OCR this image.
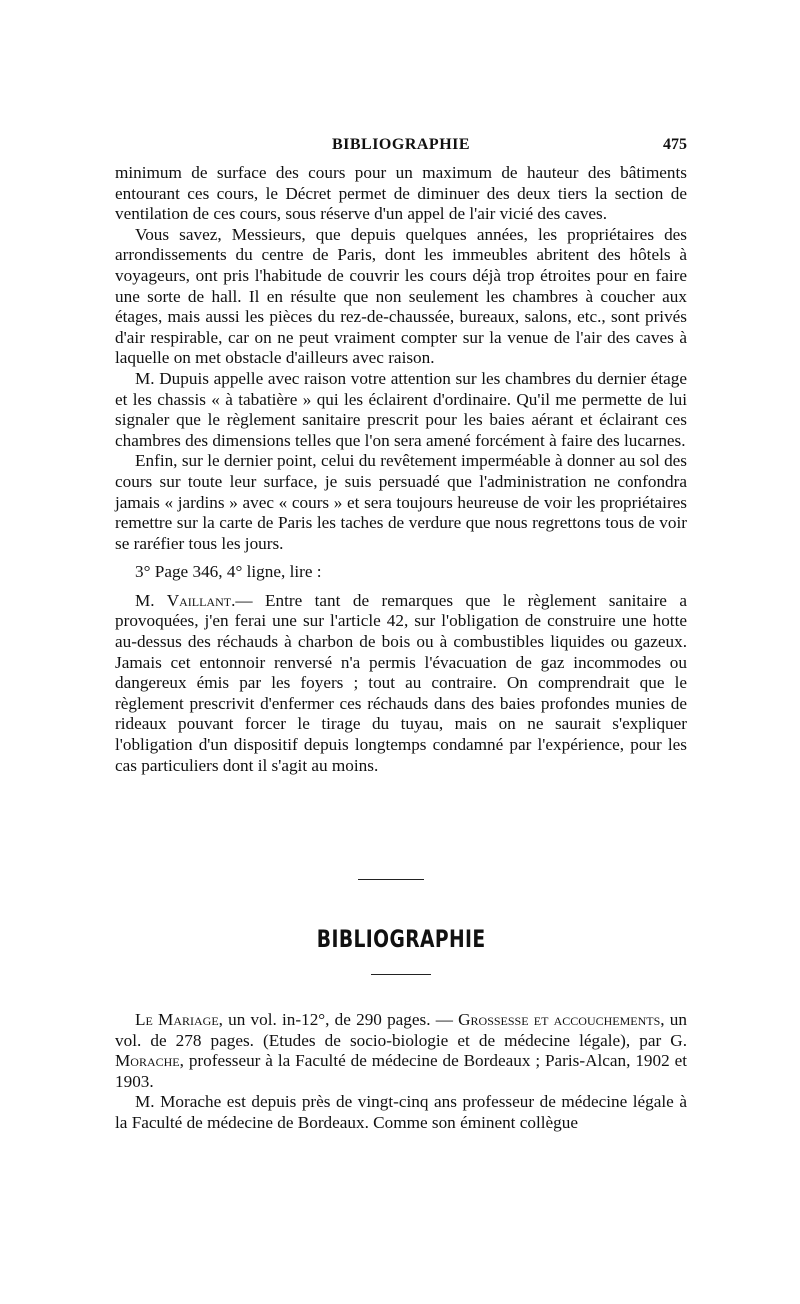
BIBLIOGRAPHIE	475

minimum de surface des cours pour un maximum de hauteur des bâtiments entourant ces cours, le Décret permet de diminuer des deux tiers la section de ventilation de ces cours, sous réserve d'un appel de l'air vicié des caves.

Vous savez, Messieurs, que depuis quelques années, les propriétaires des arrondissements du centre de Paris, dont les immeubles abritent des hôtels à voyageurs, ont pris l'habitude de couvrir les cours déjà trop étroites pour en faire une sorte de hall. Il en résulte que non seulement les chambres à coucher aux étages, mais aussi les pièces du rez-de-chaussée, bureaux, salons, etc., sont privés d'air respirable, car on ne peut vraiment compter sur la venue de l'air des caves à laquelle on met obstacle d'ailleurs avec raison.

M. Dupuis appelle avec raison votre attention sur les chambres du dernier étage et les chassis « à tabatière » qui les éclairent d'ordinaire. Qu'il me permette de lui signaler que le règlement sanitaire prescrit pour les baies aérant et éclairant ces chambres des dimensions telles que l'on sera amené forcément à faire des lucarnes.

Enfin, sur le dernier point, celui du revêtement imperméable à donner au sol des cours sur toute leur surface, je suis persuadé que l'administration ne confondra jamais « jardins » avec « cours » et sera toujours heureuse de voir les propriétaires remettre sur la carte de Paris les taches de verdure que nous regrettons tous de voir se raréfier tous les jours.

3° Page 346, 4° ligne, lire :

M. Vaillant.— Entre tant de remarques que le règlement sanitaire a provoquées, j'en ferai une sur l'article 42, sur l'obligation de construire une hotte au-dessus des réchauds à charbon de bois ou à combustibles liquides ou gazeux. Jamais cet entonnoir renversé n'a permis l'évacuation de gaz incommodes ou dangereux émis par les foyers ; tout au contraire. On comprendrait que le règlement prescrivit d'enfermer ces réchauds dans des baies profondes munies de rideaux pouvant forcer le tirage du tuyau, mais on ne saurait s'expliquer l'obligation d'un dispositif depuis longtemps condamné par l'expérience, pour les cas particuliers dont il s'agit au moins.

BIBLIOGRAPHIE

Le Mariage, un vol. in-12°, de 290 pages. — Grossesse et accouchements, un vol. de 278 pages. (Etudes de socio-biologie et de médecine légale), par G. Morache, professeur à la Faculté de médecine de Bordeaux ; Paris-Alcan, 1902 et 1903.

M. Morache est depuis près de vingt-cinq ans professeur de médecine légale à la Faculté de médecine de Bordeaux. Comme son éminent collègue
